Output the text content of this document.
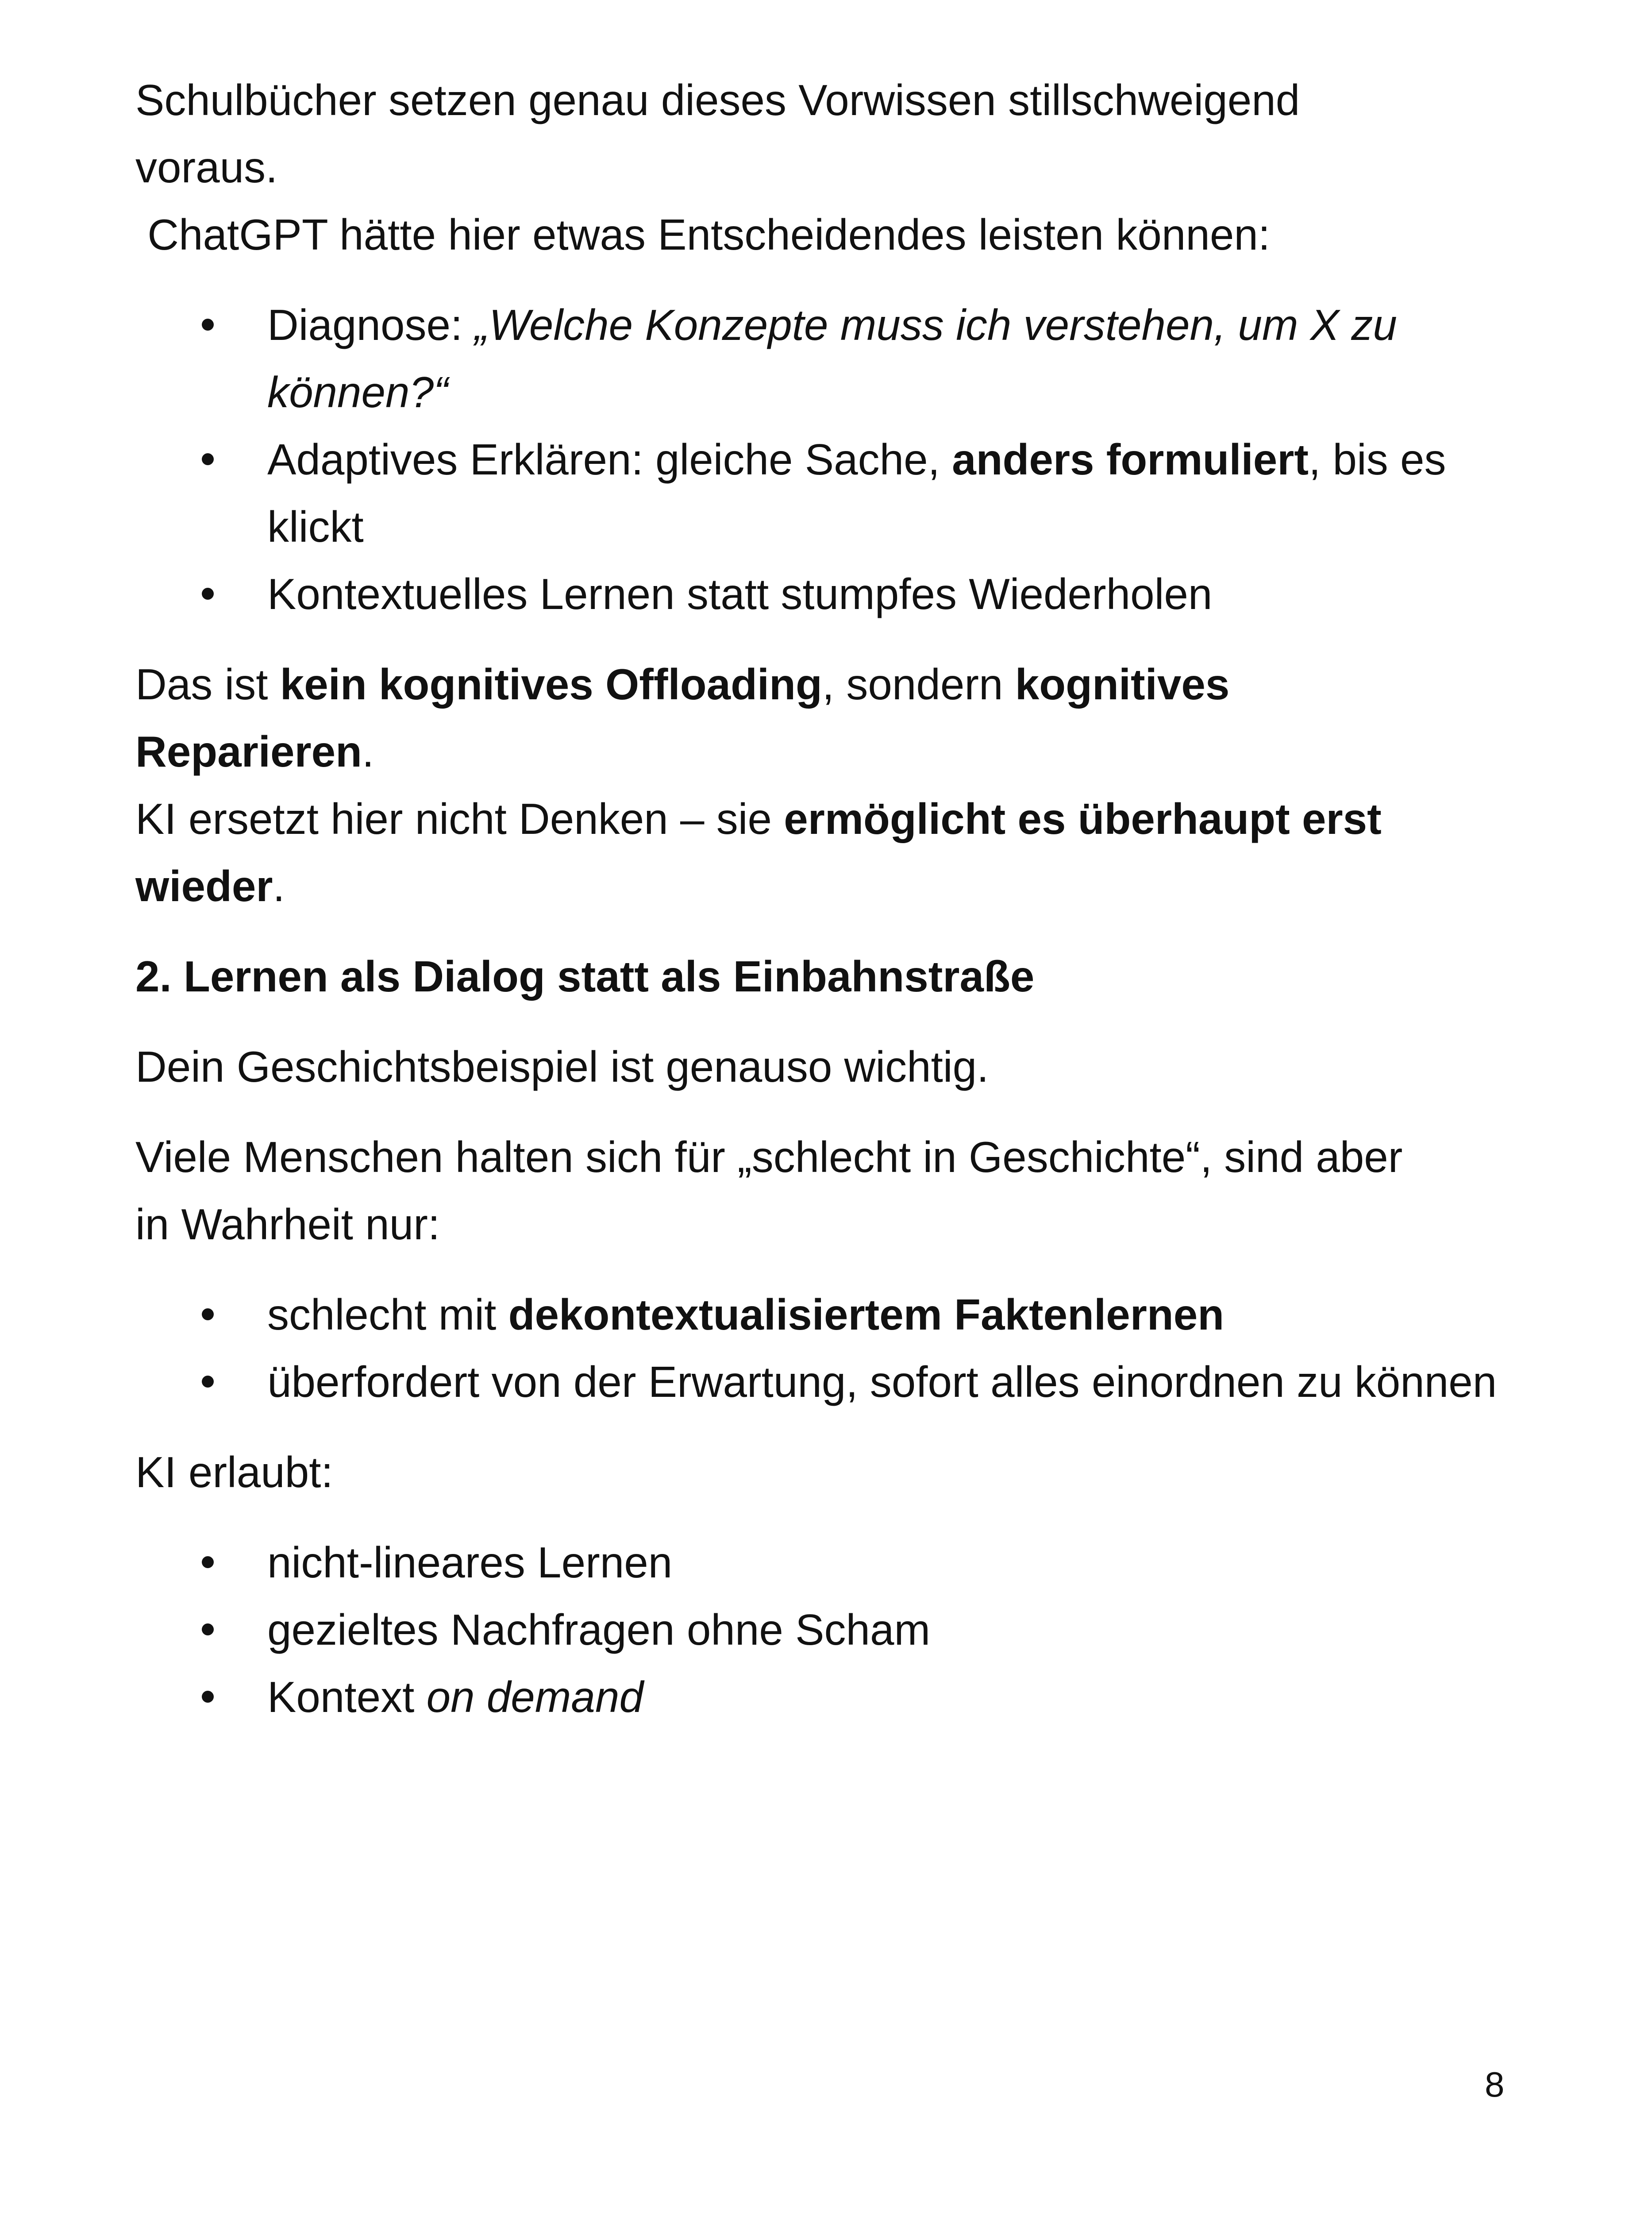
Schulbücher setzen genau dieses Vorwissen stillschweigend
voraus.
ChatGPT hätte hier etwas Entscheidendes leisten können:

Diagnose: „Welche Konzepte muss ich verstehen, um X zu können?“
Adaptives Erklären: gleiche Sache, anders formuliert, bis es klickt
Kontextuelles Lernen statt stumpfes Wiederholen

Das ist kein kognitives Offloading, sondern kognitives Reparieren.

KI ersetzt hier nicht Denken – sie ermöglicht es überhaupt erst wieder.

2. Lernen als Dialog statt als Einbahnstraße

Dein Geschichtsbeispiel ist genauso wichtig.

Viele Menschen halten sich für „schlecht in Geschichte“, sind aber in Wahrheit nur:

schlecht mit dekontextualisiertem Faktenlernen
überfordert von der Erwartung, sofort alles einordnen zu können

KI erlaubt:

nicht-lineares Lernen
gezieltes Nachfragen ohne Scham
Kontext on demand
8
